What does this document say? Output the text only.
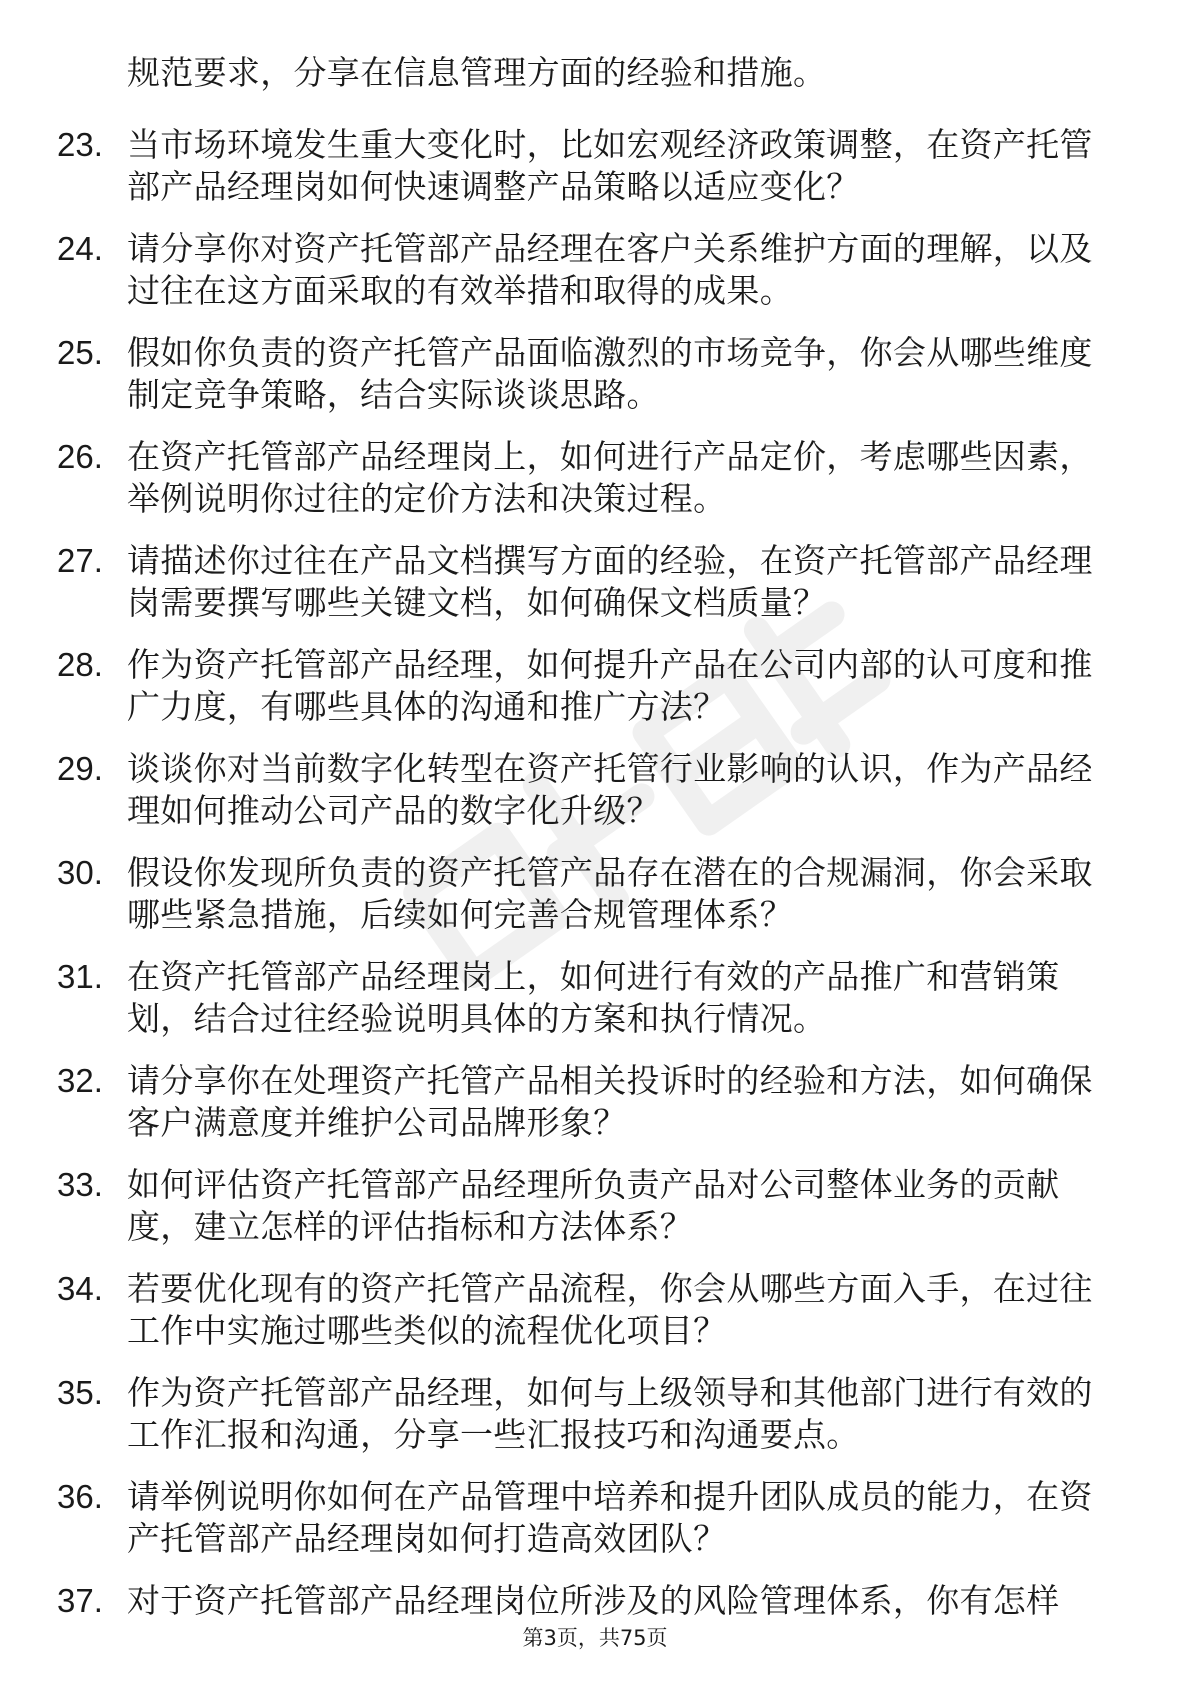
规范要求，分享在信息管理方面的经验和措施。
23. 当市场环境发生重大变化时，比如宏观经济政策调整，在资产托管部产品经理岗如何快速调整产品策略以适应变化？
24. 请分享你对资产托管部产品经理在客户关系维护方面的理解，以及过往在这方面采取的有效举措和取得的成果。
25. 假如你负责的资产托管产品面临激烈的市场竞争，你会从哪些维度制定竞争策略，结合实际谈谈思路。
26. 在资产托管部产品经理岗上，如何进行产品定价，考虑哪些因素，举例说明你过往的定价方法和决策过程。
27. 请描述你过往在产品文档撰写方面的经验，在资产托管部产品经理岗需要撰写哪些关键文档，如何确保文档质量？
28. 作为资产托管部产品经理，如何提升产品在公司内部的认可度和推广力度，有哪些具体的沟通和推广方法？
29. 谈谈你对当前数字化转型在资产托管行业影响的认识，作为产品经理如何推动公司产品的数字化升级？
30. 假设你发现所负责的资产托管产品存在潜在的合规漏洞，你会采取哪些紧急措施，后续如何完善合规管理体系？
31. 在资产托管部产品经理岗上，如何进行有效的产品推广和营销策划，结合过往经验说明具体的方案和执行情况。
32. 请分享你在处理资产托管产品相关投诉时的经验和方法，如何确保客户满意度并维护公司品牌形象？
33. 如何评估资产托管部产品经理所负责产品对公司整体业务的贡献度，建立怎样的评估指标和方法体系？
34. 若要优化现有的资产托管产品流程，你会从哪些方面入手，在过往工作中实施过哪些类似的流程优化项目？
35. 作为资产托管部产品经理，如何与上级领导和其他部门进行有效的工作汇报和沟通，分享一些汇报技巧和沟通要点。
36. 请举例说明你如何在产品管理中培养和提升团队成员的能力，在资产托管部产品经理岗如何打造高效团队？
37. 对于资产托管部产品经理岗位所涉及的风险管理体系，你有怎样
第3页，共75页
